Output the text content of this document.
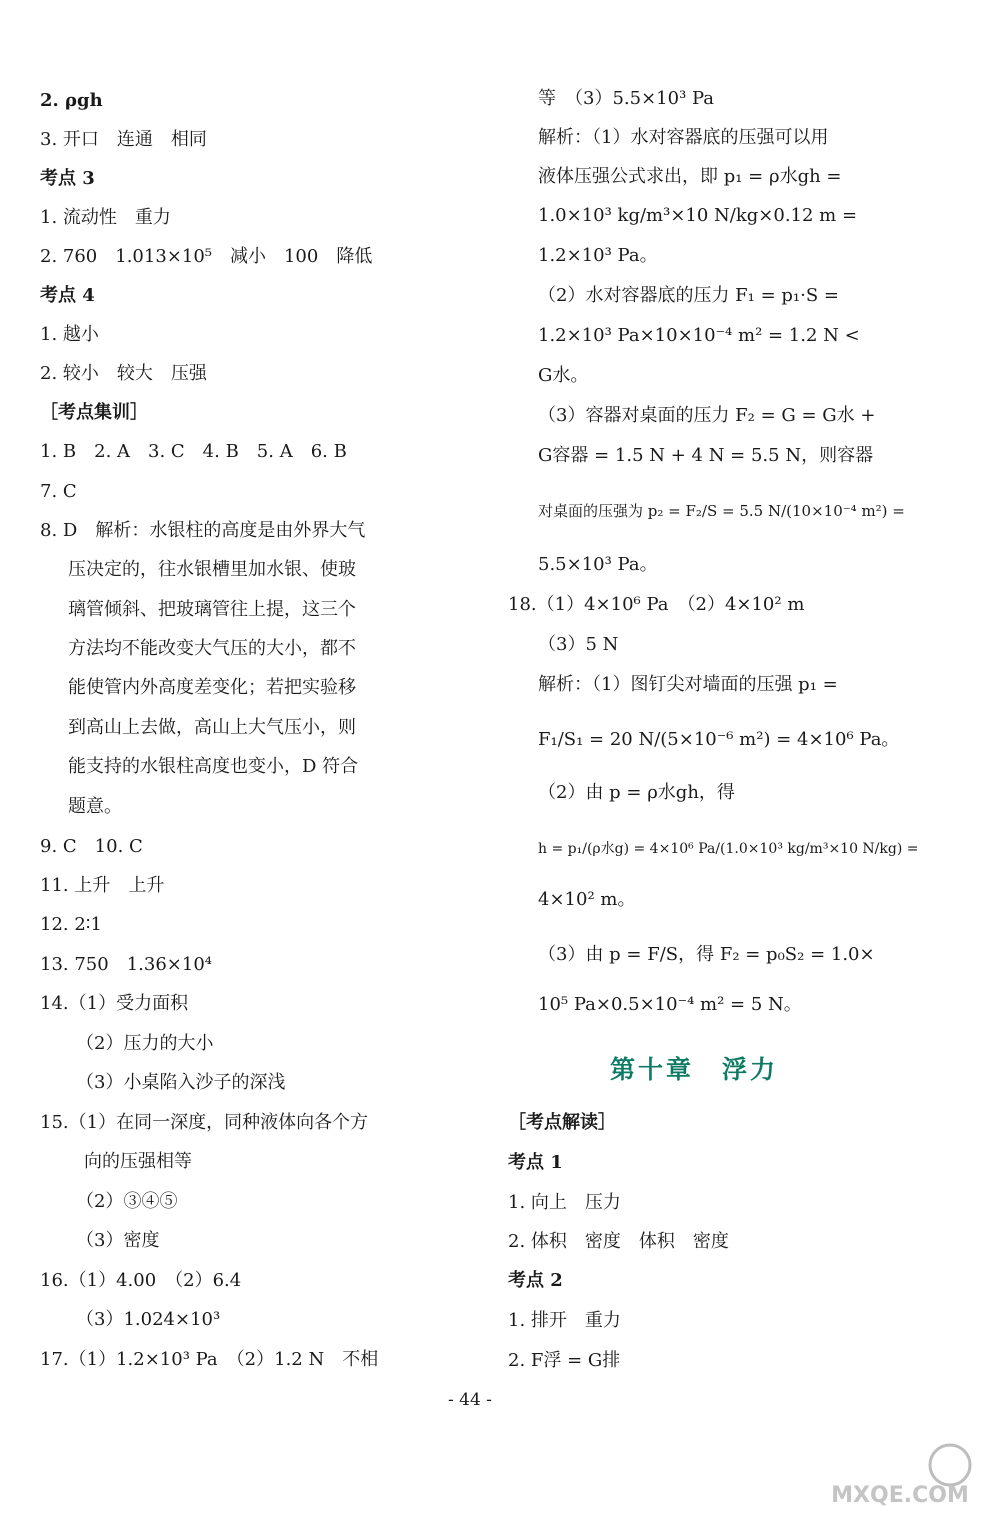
2. ρgh
3. 开口　连通　相同
考点 3
1. 流动性　重力
2. 760　1.013×10⁵　减小　100　降低
考点 4
1. 越小
2. 较小　较大　压强
［考点集训］
1. B　2. A　3. C　4. B　5. A　6. B
7. C
8. D　解析：水银柱的高度是由外界大气
压决定的，往水银槽里加水银、使玻
璃管倾斜、把玻璃管往上提，这三个
方法均不能改变大气压的大小，都不
能使管内外高度差变化；若把实验移
到高山上去做，高山上大气压小，则
能支持的水银柱高度也变小，D 符合
题意。
9. C　10. C
11. 上升　上升
12. 2∶1
13. 750　1.36×10⁴
14.（1）受力面积
（2）压力的大小
（3）小桌陷入沙子的深浅
15.（1）在同一深度，同种液体向各个方
向的压强相等
（2）③④⑤
（3）密度
16.（1）4.00　（2）6.4
（3）1.024×10³
17.（1）1.2×10³ Pa　（2）1.2 N　不相
等　（3）5.5×10³ Pa
解析：（1）水对容器底的压强可以用
液体压强公式求出，即 p₁ = ρ水gh =
1.0×10³ kg/m³×10 N/kg×0.12 m =
1.2×10³ Pa。
（2）水对容器底的压力 F₁ = p₁·S =
1.2×10³ Pa×10×10⁻⁴ m² = 1.2 N <
G水。
（3）容器对桌面的压力 F₂ = G = G水 +
G容器 = 1.5 N + 4 N = 5.5 N，则容器
对桌面的压强为 p₂ = F₂/S = 5.5 N/(10×10⁻⁴ m²) =
5.5×10³ Pa。
18.（1）4×10⁶ Pa　（2）4×10² m
（3）5 N
解析：（1）图钉尖对墙面的压强 p₁ =
F₁/S₁ = 20 N/(5×10⁻⁶ m²) = 4×10⁶ Pa。
（2）由 p = ρ水gh，得
h = p₁/(ρ水g) = 4×10⁶ Pa/(1.0×10³ kg/m³×10 N/kg) =
4×10² m。
（3）由 p = F/S，得 F₂ = p₀S₂ = 1.0×
10⁵ Pa×0.5×10⁻⁴ m² = 5 N。
［考点解读］
考点 1
1. 向上　压力
2. 体积　密度　体积　密度
考点 2
1. 排开　重力
2. F浮 = G排
第十章　浮力
- 44 -
MXQE.COM
